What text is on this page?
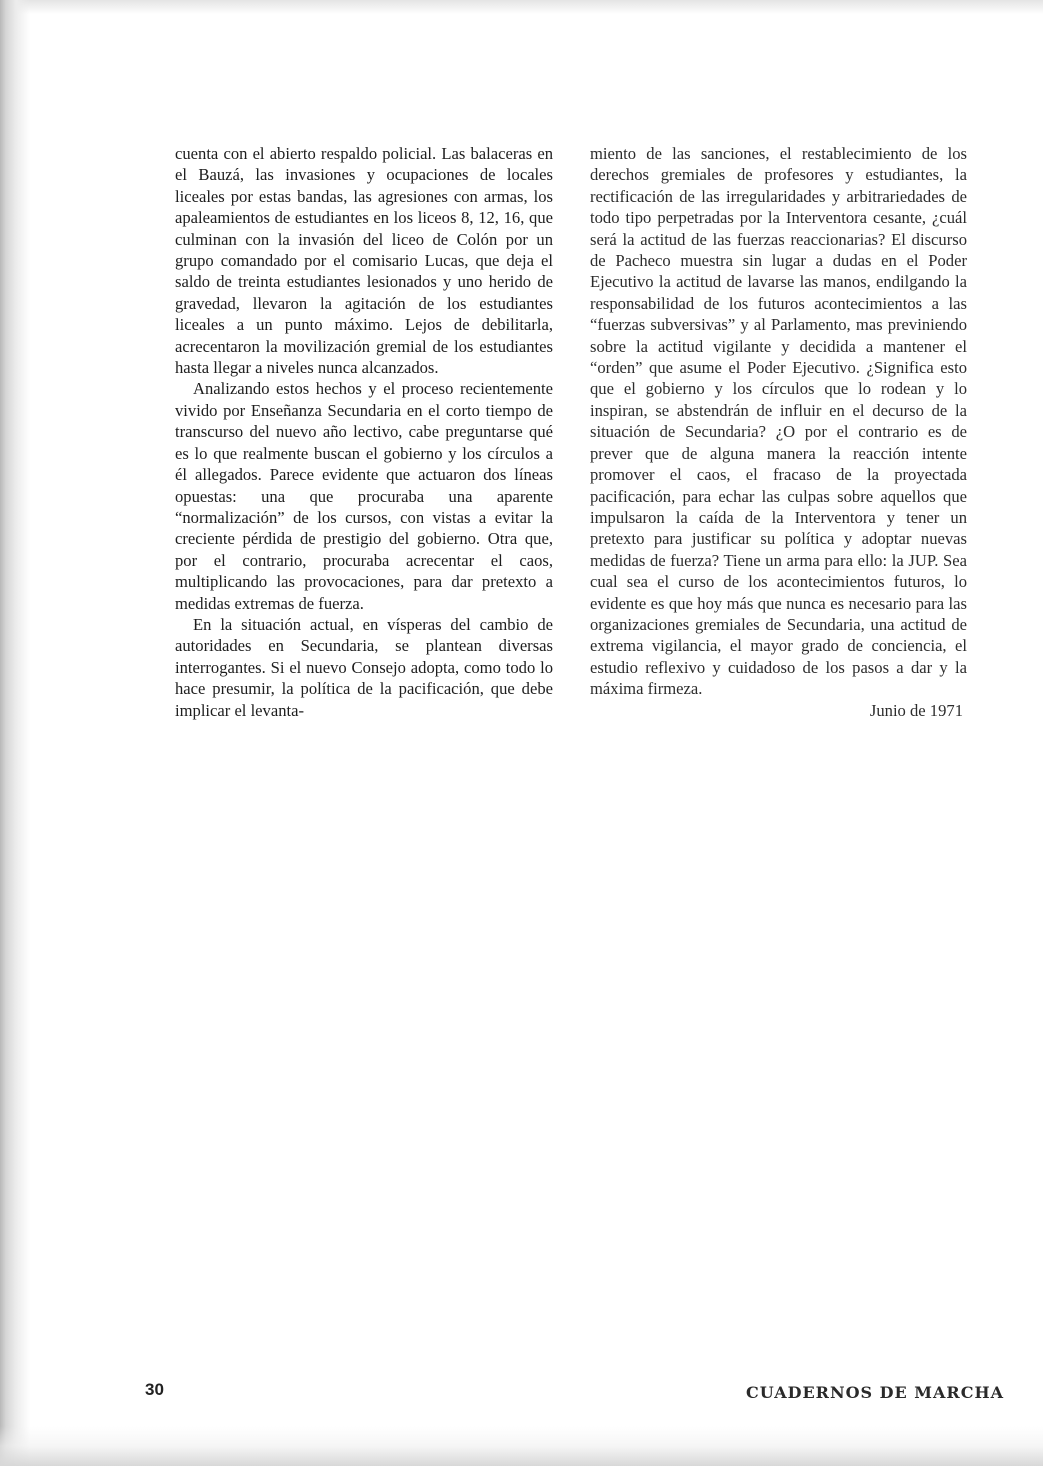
cuenta con el abierto respaldo policial. Las balaceras en el Bauzá, las invasiones y ocupaciones de locales liceales por estas bandas, las agresiones con armas, los apaleamientos de estudiantes en los liceos 8, 12, 16, que culminan con la invasión del liceo de Colón por un grupo comandado por el comisario Lucas, que deja el saldo de treinta estudiantes lesionados y uno herido de gravedad, llevaron la agitación de los estudiantes liceales a un punto máximo. Lejos de debilitarla, acrecentaron la movilización gremial de los estudiantes hasta llegar a niveles nunca alcanzados.

Analizando estos hechos y el proceso recientemente vivido por Enseñanza Secundaria en el corto tiempo de transcurso del nuevo año lectivo, cabe preguntarse qué es lo que realmente buscan el gobierno y los círculos a él allegados. Parece evidente que actuaron dos líneas opuestas: una que procuraba una aparente “normalización” de los cursos, con vistas a evitar la creciente pérdida de prestigio del gobierno. Otra que, por el contrario, procuraba acrecentar el caos, multiplicando las provocaciones, para dar pretexto a medidas extremas de fuerza.

En la situación actual, en vísperas del cambio de autoridades en Secundaria, se plantean diversas interrogantes. Si el nuevo Consejo adopta, como todo lo hace presumir, la política de la pacificación, que debe implicar el levanta-

miento de las sanciones, el restablecimiento de los derechos gremiales de profesores y estudiantes, la rectificación de las irregularidades y arbitrariedades de todo tipo perpetradas por la Interventora cesante, ¿cuál será la actitud de las fuerzas reaccionarias? El discurso de Pacheco muestra sin lugar a dudas en el Poder Ejecutivo la actitud de lavarse las manos, endilgando la responsabilidad de los futuros acontecimientos a las “fuerzas subversivas” y al Parlamento, mas previniendo sobre la actitud vigilante y decidida a mantener el “orden” que asume el Poder Ejecutivo. ¿Significa esto que el gobierno y los círculos que lo rodean y lo inspiran, se abstendrán de influir en el decurso de la situación de Secundaria? ¿O por el contrario es de prever que de alguna manera la reacción intente promover el caos, el fracaso de la proyectada pacificación, para echar las culpas sobre aquellos que impulsaron la caída de la Interventora y tener un pretexto para justificar su política y adoptar nuevas medidas de fuerza? Tiene un arma para ello: la JUP. Sea cual sea el curso de los acontecimientos futuros, lo evidente es que hoy más que nunca es necesario para las organizaciones gremiales de Secundaria, una actitud de extrema vigilancia, el mayor grado de conciencia, el estudio reflexivo y cuidadoso de los pasos a dar y la máxima firmeza.

Junio de 1971

30	CUADERNOS DE MARCHA
